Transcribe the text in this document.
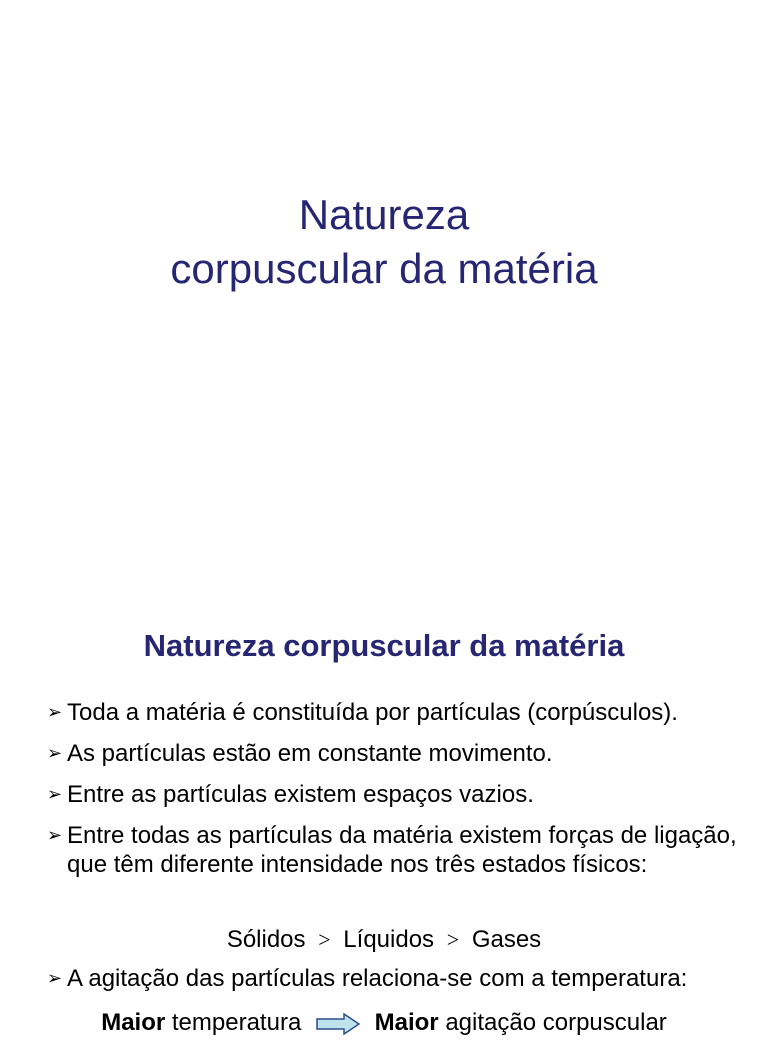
Natureza
corpuscular da matéria
Natureza corpuscular da matéria
➢ Toda a matéria é constituída por partículas (corpúsculos).
➢ As partículas estão em constante movimento.
➢ Entre as partículas existem espaços vazios.
➢ Entre todas as partículas da matéria existem forças de ligação, que têm diferente intensidade nos três estados físicos:
➢ A agitação das partículas relaciona-se com a temperatura:
Sólidos > Líquidos > Gases
Maior temperatura	Maior agitação corpuscular
